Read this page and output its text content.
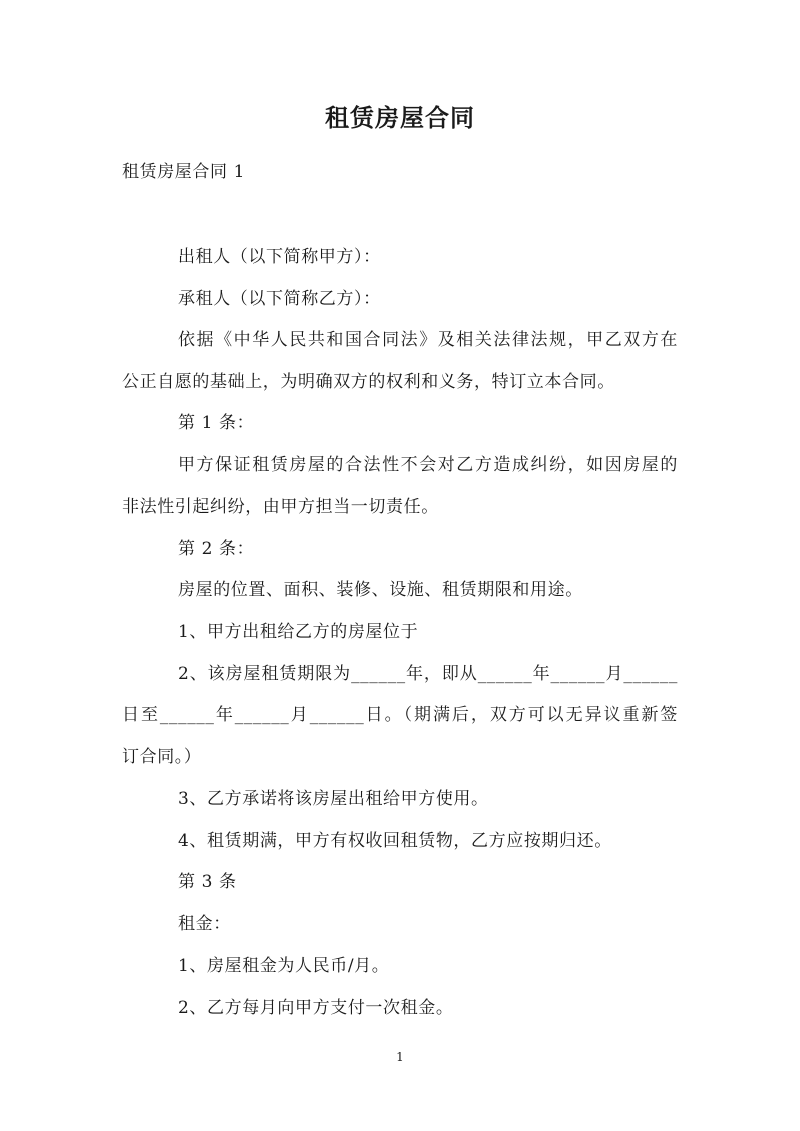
租赁房屋合同
租赁房屋合同 1
出租人（以下简称甲方）：
承租人（以下简称乙方）：
依据《中华人民共和国合同法》及相关法律法规，甲乙双方在
公正自愿的基础上，为明确双方的权利和义务，特订立本合同。
第 1 条：
甲方保证租赁房屋的合法性不会对乙方造成纠纷，如因房屋的
非法性引起纠纷，由甲方担当一切责任。
第 2 条：
房屋的位置、面积、装修、设施、租赁期限和用途。
1、甲方出租给乙方的房屋位于
2、该房屋租赁期限为______年，即从______年______月______
日至______年______月______日。（期满后，双方可以无异议重新签
订合同。）
3、乙方承诺将该房屋出租给甲方使用。
4、租赁期满，甲方有权收回租赁物，乙方应按期归还。
第 3 条
租金：
1、房屋租金为人民币/月。
2、乙方每月向甲方支付一次租金。
1
